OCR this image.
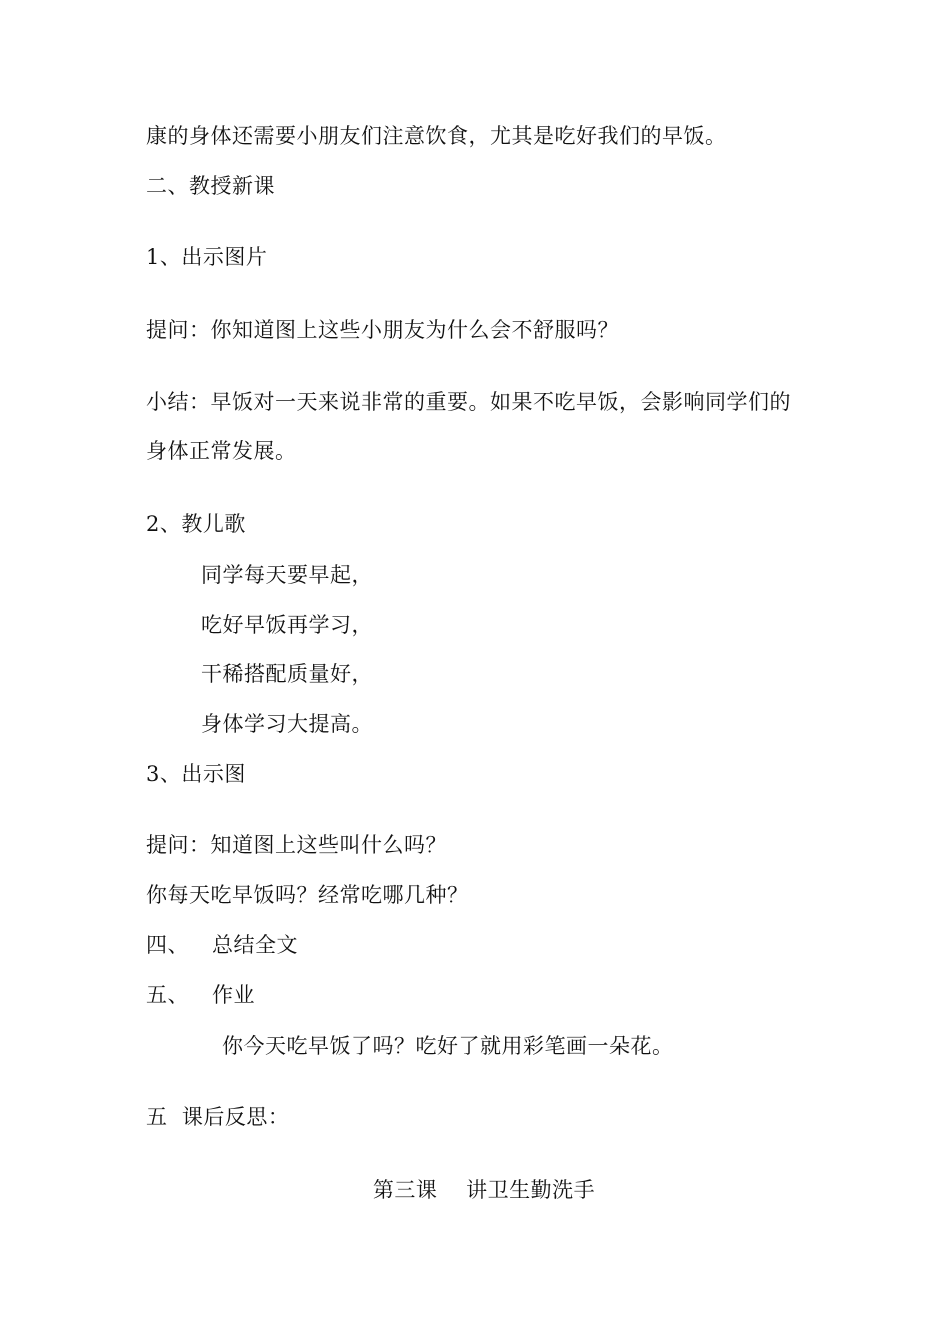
康的身体还需要小朋友们注意饮食，尤其是吃好我们的早饭。
二、教授新课
1、出示图片
提问：你知道图上这些小朋友为什么会不舒服吗？
小结：早饭对一天来说非常的重要。如果不吃早饭，会影响同学们的
身体正常发展。
2、教儿歌
同学每天要早起，
吃好早饭再学习，
干稀搭配质量好，
身体学习大提高。
3、出示图
提问：知道图上这些叫什么吗？
你每天吃早饭吗？经常吃哪几种？
四、 总结全文
五、 作业
你今天吃早饭了吗？吃好了就用彩笔画一朵花。
五  课后反思：
第三课    讲卫生勤洗手
